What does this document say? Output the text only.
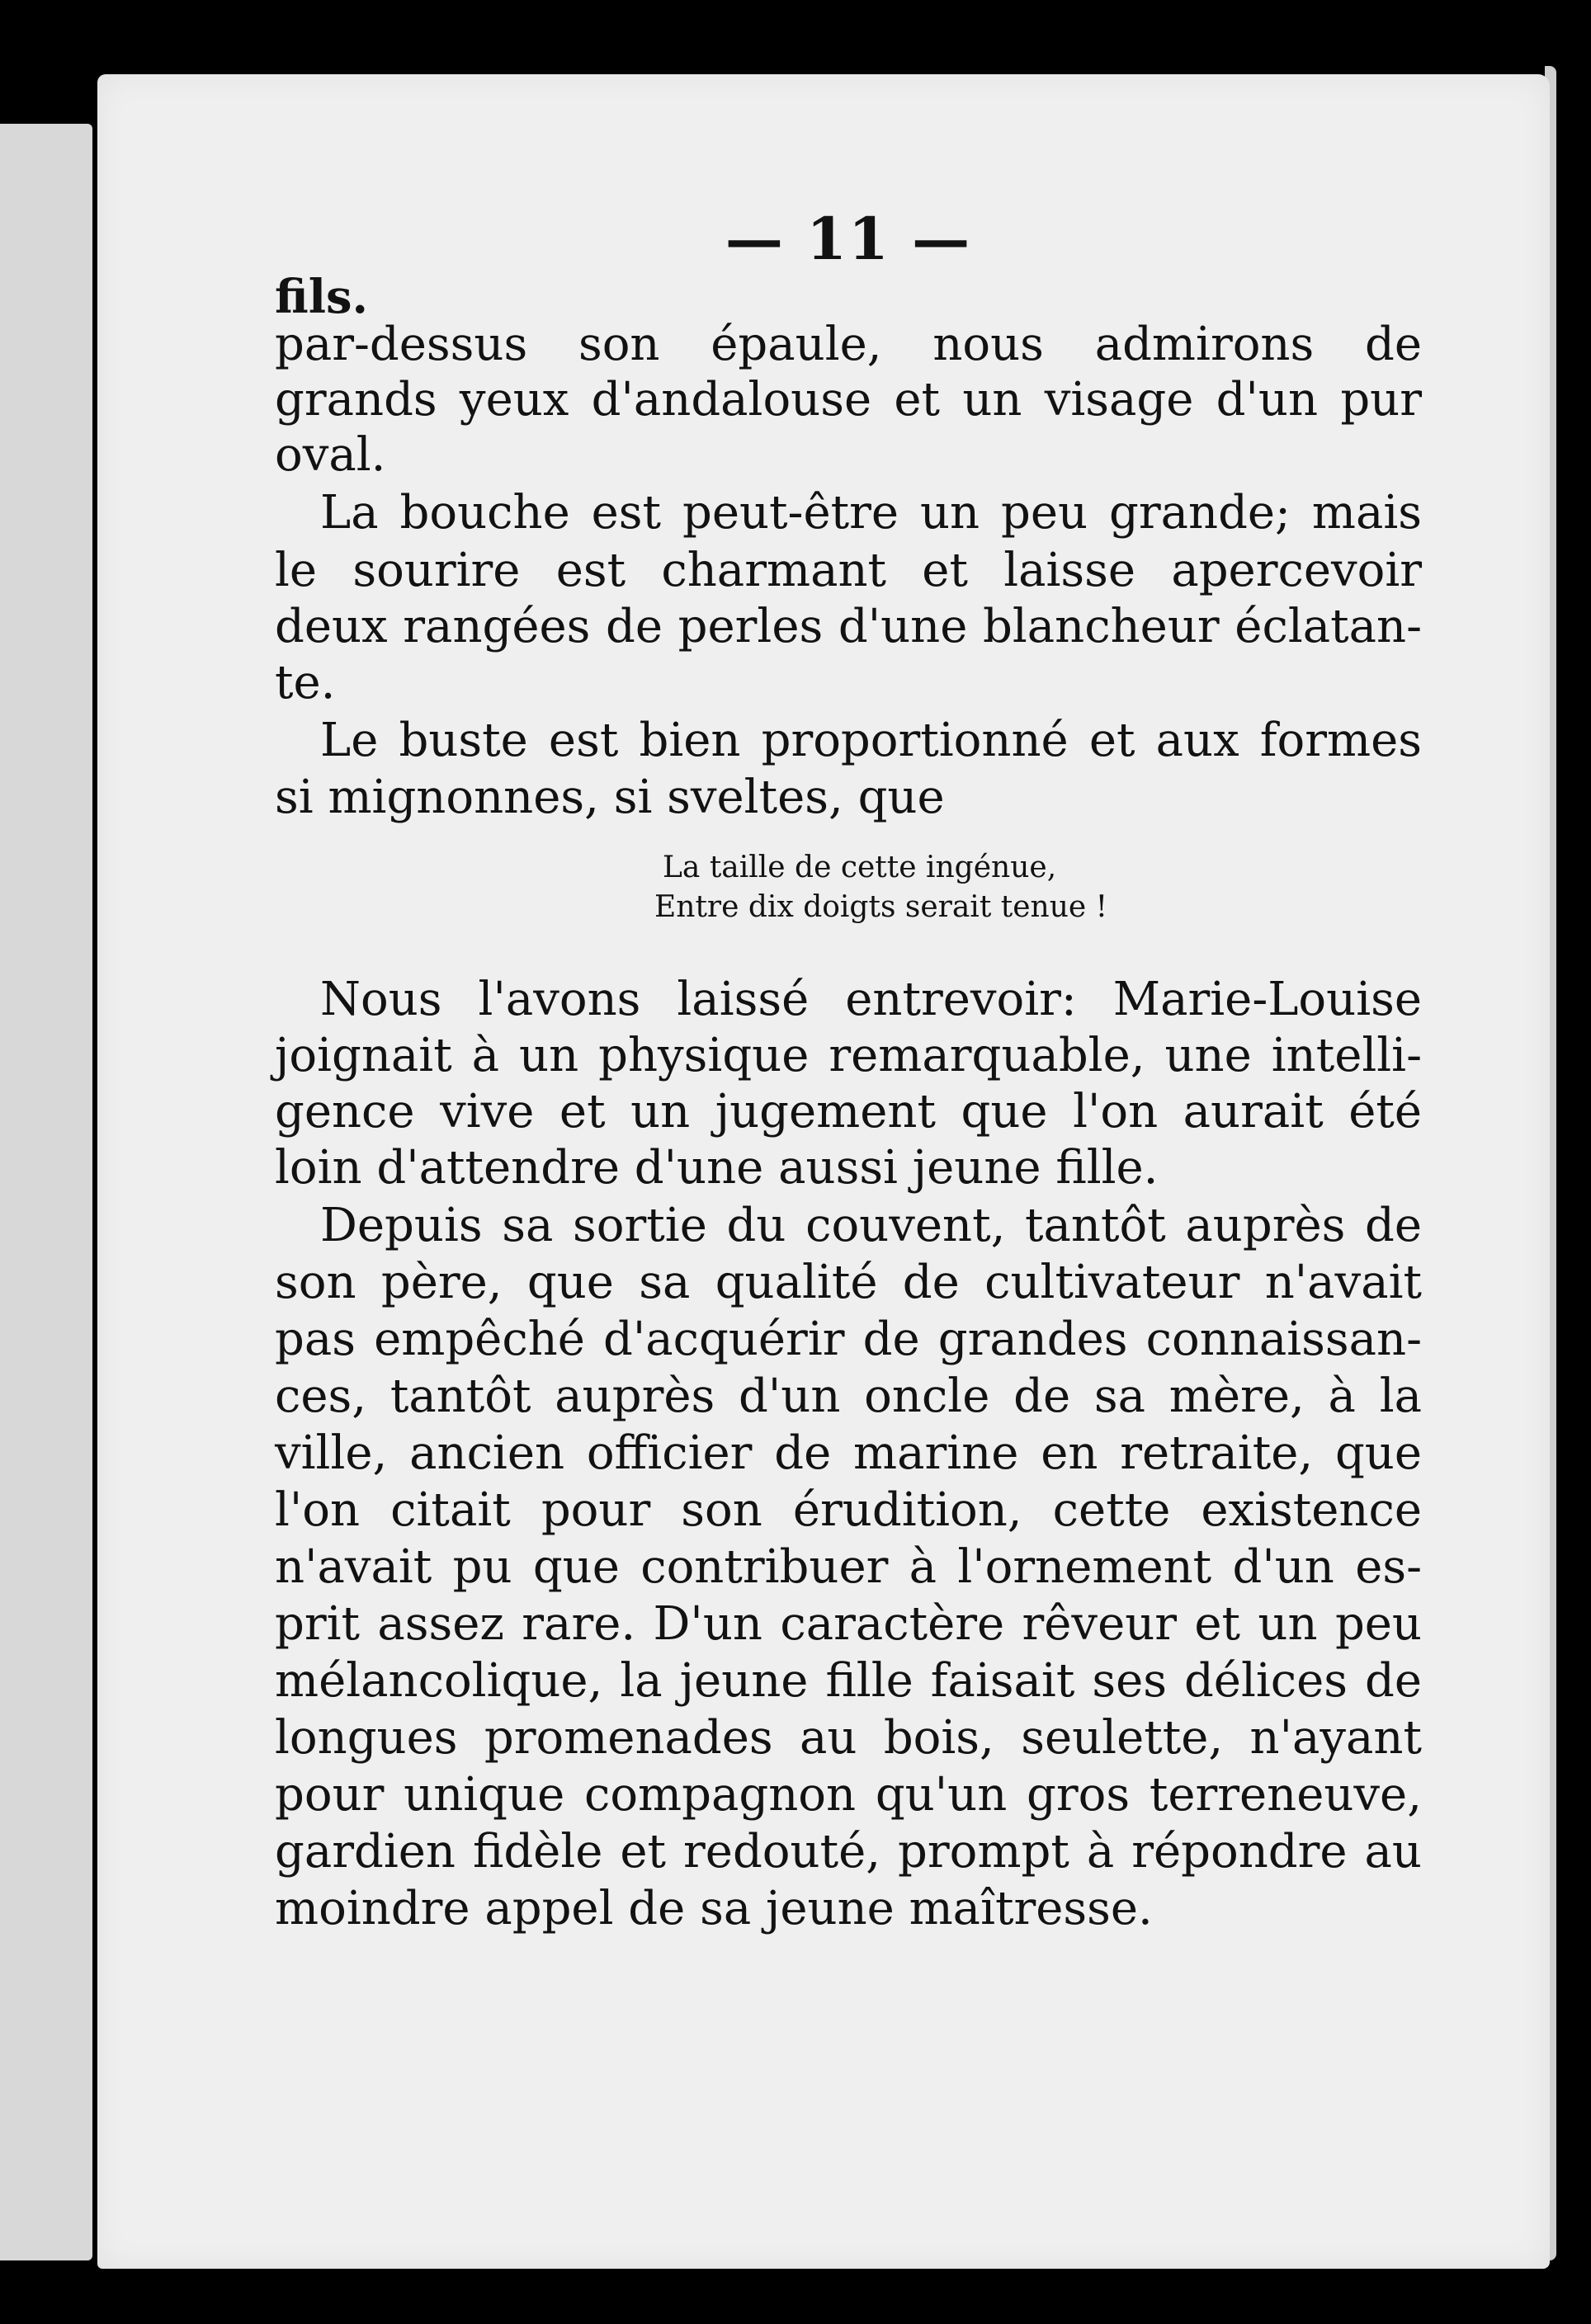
— 11 —
fils.
par-dessus son épaule, nous admirons de
grands yeux d'andalouse et un visage d'un pur
oval.
La bouche est peut-être un peu grande; mais
le sourire est charmant et laisse apercevoir
deux rangées de perles d'une blancheur éclatan-
te.
Le buste est bien proportionné et aux formes
si mignonnes, si sveltes, que
La taille de cette ingénue,
Entre dix doigts serait tenue !
Nous l'avons laissé entrevoir: Marie-Louise
joignait à un physique remarquable, une intelli-
gence vive et un jugement que l'on aurait été
loin d'attendre d'une aussi jeune fille.
Depuis sa sortie du couvent, tantôt auprès de
son père, que sa qualité de cultivateur n'avait
pas empêché d'acquérir de grandes connaissan-
ces, tantôt auprès d'un oncle de sa mère, à la
ville, ancien officier de marine en retraite, que
l'on citait pour son érudition, cette existence
n'avait pu que contribuer à l'ornement d'un es-
prit assez rare. D'un caractère rêveur et un peu
mélancolique, la jeune fille faisait ses délices de
longues promenades au bois, seulette, n'ayant
pour unique compagnon qu'un gros terreneuve,
gardien fidèle et redouté, prompt à répondre au
moindre appel de sa jeune maîtresse.
